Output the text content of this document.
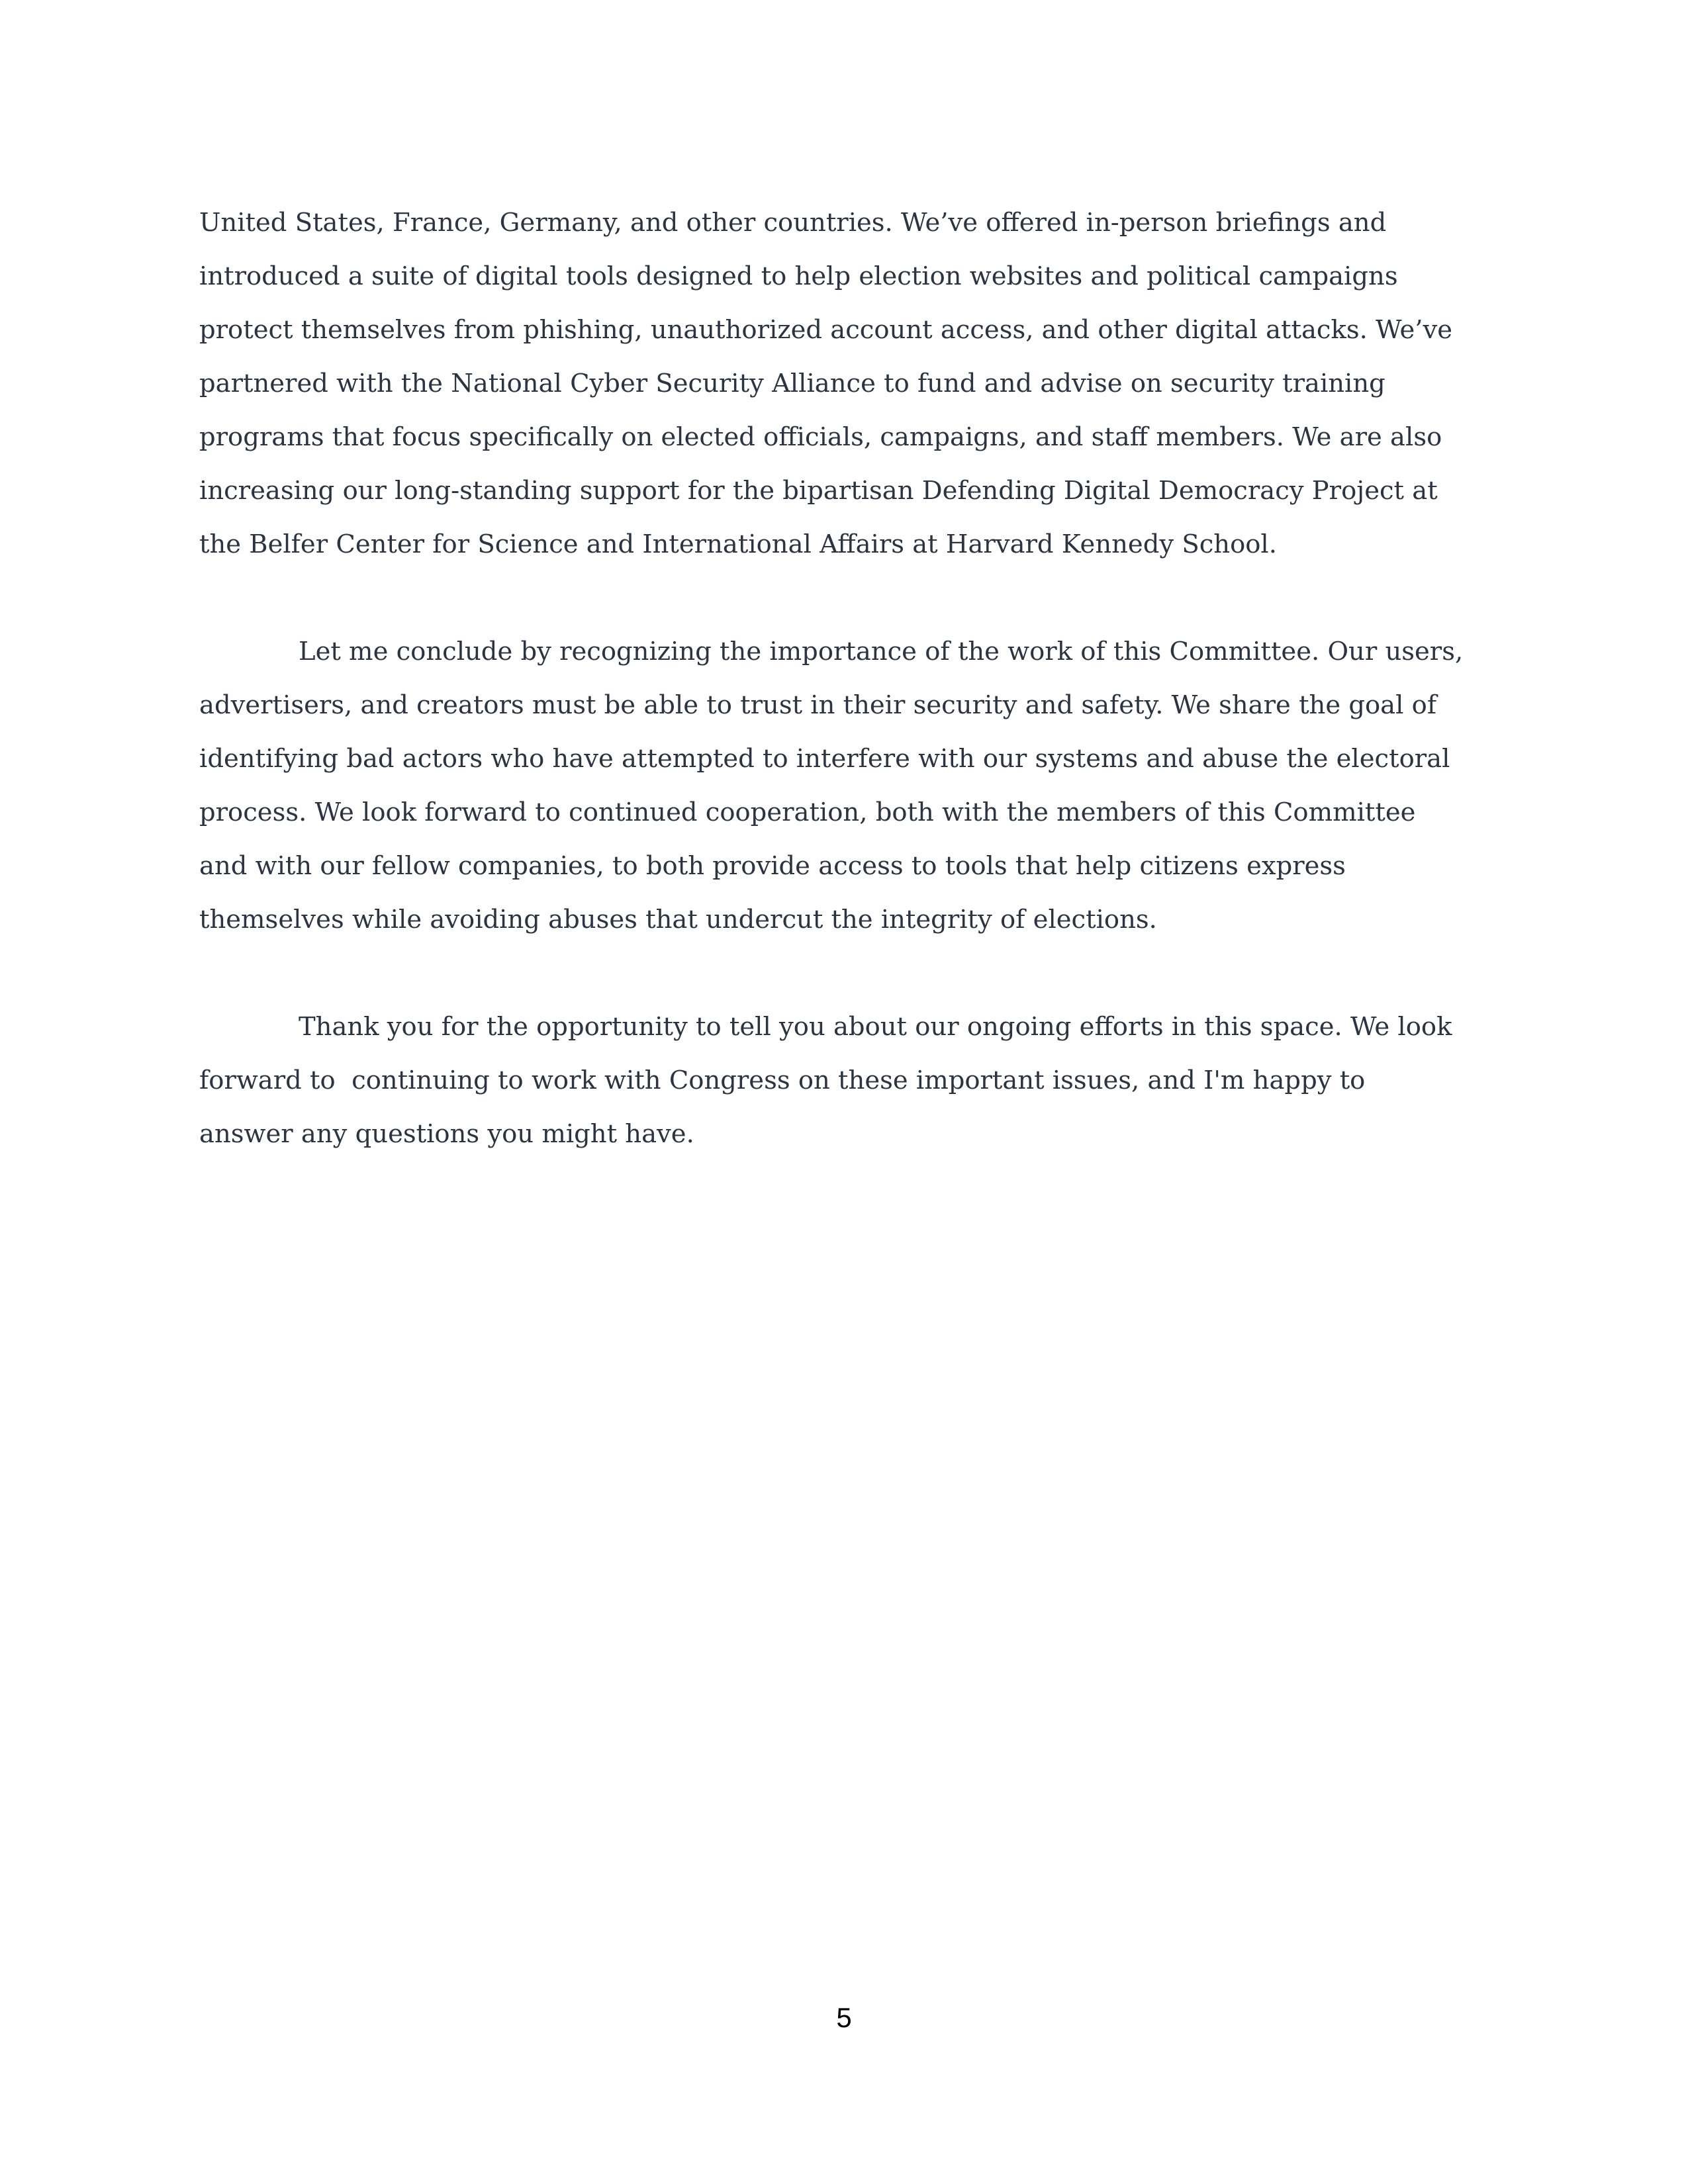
United States, France, Germany, and other countries. We’ve offered in-person briefings and
introduced a suite of digital tools designed to help election websites and political campaigns
protect themselves from phishing, unauthorized account access, and other digital attacks. We’ve
partnered with the National Cyber Security Alliance to fund and advise on security training
programs that focus specifically on elected officials, campaigns, and staff members. We are also
increasing our long-standing support for the bipartisan Defending Digital Democracy Project at
the Belfer Center for Science and International Affairs at Harvard Kennedy School.
Let me conclude by recognizing the importance of the work of this Committee. Our users,
advertisers, and creators must be able to trust in their security and safety. We share the goal of
identifying bad actors who have attempted to interfere with our systems and abuse the electoral
process. We look forward to continued cooperation, both with the members of this Committee
and with our fellow companies, to both provide access to tools that help citizens express
themselves while avoiding abuses that undercut the integrity of elections.
Thank you for the opportunity to tell you about our ongoing efforts in this space. We look
forward to  continuing to work with Congress on these important issues, and I'm happy to
answer any questions you might have.
5
